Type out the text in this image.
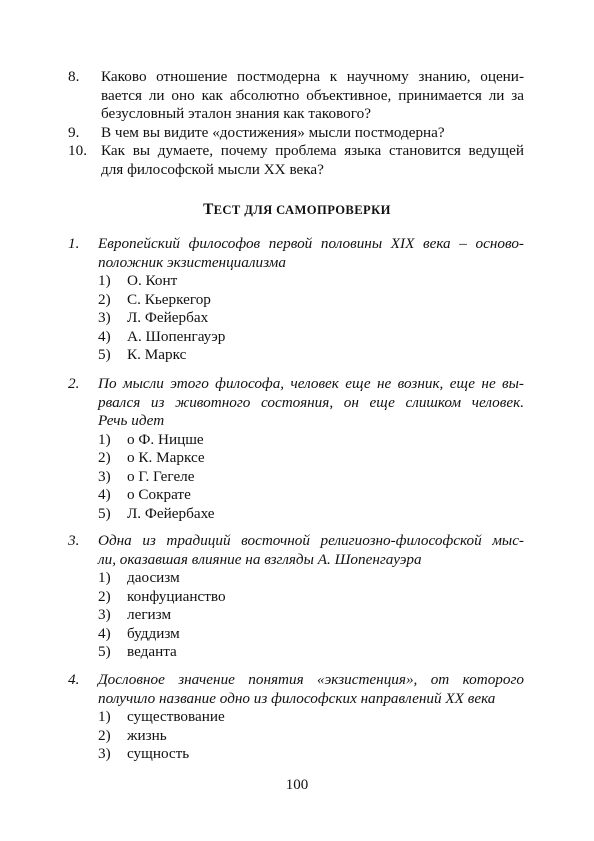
8. Каково отношение постмодерна к научному знанию, оцени-
вается ли оно как абсолютно объективное, принимается ли за
безусловный эталон знания как такового?
9. В чем вы видите «достижения» мысли постмодерна?
10. Как вы думаете, почему проблема языка становится ведущей
для философской мысли XX века?
ТЕСТ ДЛЯ САМОПРОВЕРКИ
1. Европейский философов первой половины XIX века – осново-
положник экзистенциализма
1) О. Конт
2) С. Кьеркегор
3) Л. Фейербах
4) А. Шопенгауэр
5) К. Маркс
2. По мысли этого философа, человек еще не возник, еще не вы-
рвался из животного состояния, он еще слишком человек.
Речь идет
1) о Ф. Ницше
2) о К. Марксе
3) о Г. Гегеле
4) о Сократе
5) Л. Фейербахе
3. Одна из традиций восточной религиозно-философской мыс-
ли, оказавшая влияние на взгляды А. Шопенгауэра
1) даосизм
2) конфуцианство
3) легизм
4) буддизм
5) веданта
4. Дословное значение понятия «экзистенция», от которого
получило название одно из философских направлений XX века
1) существование
2) жизнь
3) сущность
100
